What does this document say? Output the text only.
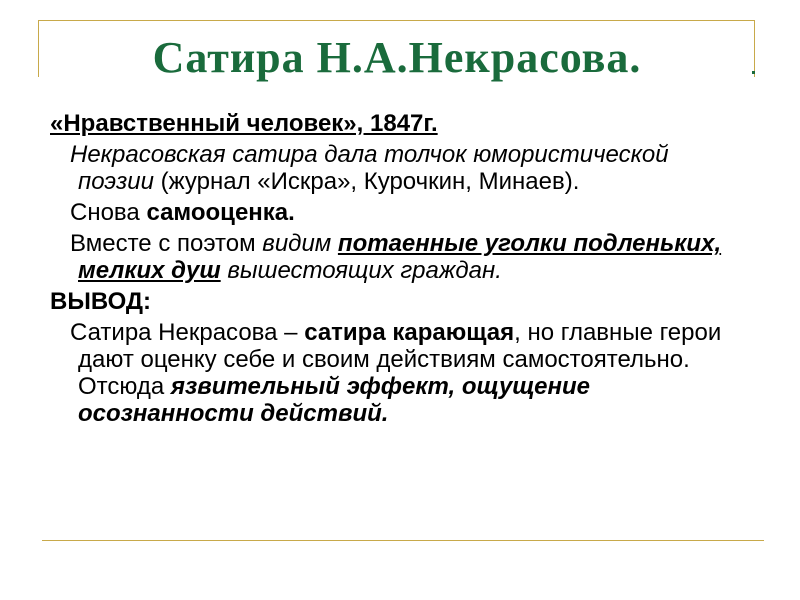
Сатира Н.А.Некрасова.
«Нравственный человек», 1847г.

Некрасовская сатира дала толчок юмористической поэзии (журнал «Искра», Курочкин, Минаев).

Снова самооценка.

Вместе с поэтом видим потаенные уголки подленьких, мелких душ вышестоящих граждан.

ВЫВОД:

Сатира Некрасова – сатира карающая, но главные герои дают оценку себе и своим действиям самостоятельно. Отсюда язвительный эффект, ощущение осознанности действий.
